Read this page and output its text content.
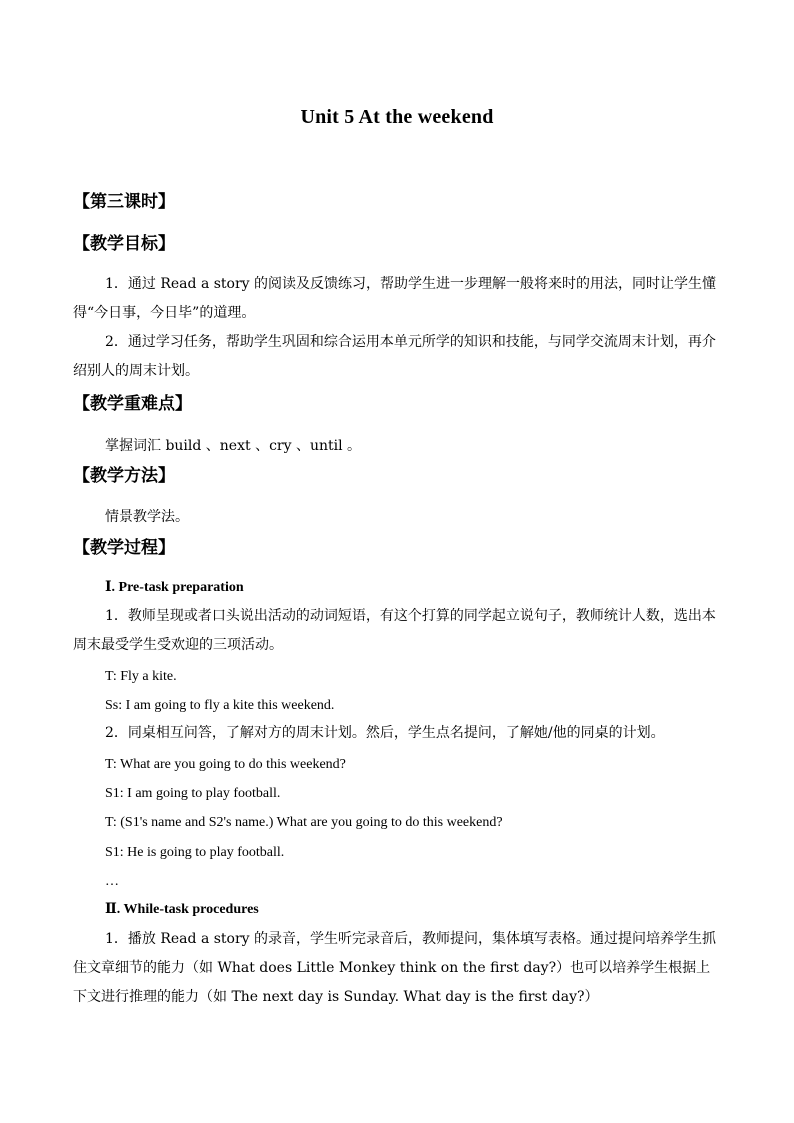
Unit 5 At the weekend
【第三课时】
【教学目标】
1．通过 Read a story 的阅读及反馈练习，帮助学生进一步理解一般将来时的用法，同时让学生懂得“今日事，今日毕”的道理。
2．通过学习任务，帮助学生巩固和综合运用本单元所学的知识和技能，与同学交流周末计划，再介绍别人的周末计划。
【教学重难点】
掌握词汇 build 、next 、cry 、until 。
【教学方法】
情景教学法。
【教学过程】
Ⅰ. Pre-task preparation
1．教师呈现或者口头说出活动的动词短语，有这个打算的同学起立说句子，教师统计人数，选出本周末最受学生受欢迎的三项活动。
T: Fly a kite.
Ss: I am going to fly a kite this weekend.
2．同桌相互问答，了解对方的周末计划。然后，学生点名提问，了解她/他的同桌的计划。
T: What are you going to do this weekend?
S1: I am going to play football.
T: (S1's name and S2's name.) What are you going to do this weekend?
S1: He is going to play football.
…
Ⅱ. While-task procedures
1．播放 Read a story 的录音，学生听完录音后，教师提问，集体填写表格。通过提问培养学生抓住文章细节的能力（如 What does Little Monkey think on the first day?）也可以培养学生根据上下文进行推理的能力（如 The next day is Sunday. What day is the first day?）
